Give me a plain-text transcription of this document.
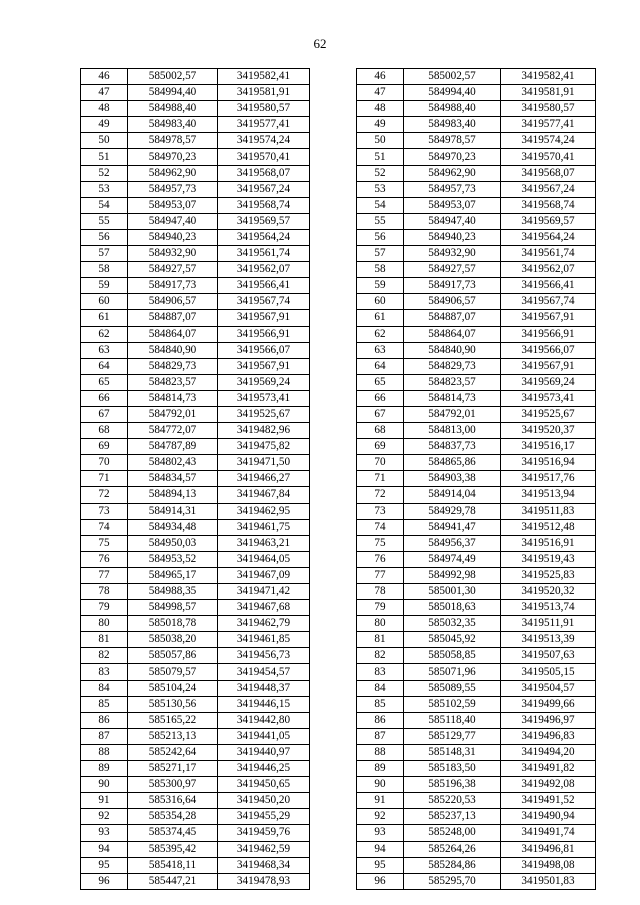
62
46	585002,57	3419582,41		46	585002,57	3419582,41
47	584994,40	3419581,91		47	584994,40	3419581,91
48	584988,40	3419580,57		48	584988,40	3419580,57
49	584983,40	3419577,41		49	584983,40	3419577,41
50	584978,57	3419574,24		50	584978,57	3419574,24
51	584970,23	3419570,41		51	584970,23	3419570,41
52	584962,90	3419568,07		52	584962,90	3419568,07
53	584957,73	3419567,24		53	584957,73	3419567,24
54	584953,07	3419568,74		54	584953,07	3419568,74
55	584947,40	3419569,57		55	584947,40	3419569,57
56	584940,23	3419564,24		56	584940,23	3419564,24
57	584932,90	3419561,74		57	584932,90	3419561,74
58	584927,57	3419562,07		58	584927,57	3419562,07
59	584917,73	3419566,41		59	584917,73	3419566,41
60	584906,57	3419567,74		60	584906,57	3419567,74
61	584887,07	3419567,91		61	584887,07	3419567,91
62	584864,07	3419566,91		62	584864,07	3419566,91
63	584840,90	3419566,07		63	584840,90	3419566,07
64	584829,73	3419567,91		64	584829,73	3419567,91
65	584823,57	3419569,24		65	584823,57	3419569,24
66	584814,73	3419573,41		66	584814,73	3419573,41
67	584792,01	3419525,67		67	584792,01	3419525,67
68	584772,07	3419482,96		68	584813,00	3419520,37
69	584787,89	3419475,82		69	584837,73	3419516,17
70	584802,43	3419471,50		70	584865,86	3419516,94
71	584834,57	3419466,27		71	584903,38	3419517,76
72	584894,13	3419467,84		72	584914,04	3419513,94
73	584914,31	3419462,95		73	584929,78	3419511,83
74	584934,48	3419461,75		74	584941,47	3419512,48
75	584950,03	3419463,21		75	584956,37	3419516,91
76	584953,52	3419464,05		76	584974,49	3419519,43
77	584965,17	3419467,09		77	584992,98	3419525,83
78	584988,35	3419471,42		78	585001,30	3419520,32
79	584998,57	3419467,68		79	585018,63	3419513,74
80	585018,78	3419462,79		80	585032,35	3419511,91
81	585038,20	3419461,85		81	585045,92	3419513,39
82	585057,86	3419456,73		82	585058,85	3419507,63
83	585079,57	3419454,57		83	585071,96	3419505,15
84	585104,24	3419448,37		84	585089,55	3419504,57
85	585130,56	3419446,15		85	585102,59	3419499,66
86	585165,22	3419442,80		86	585118,40	3419496,97
87	585213,13	3419441,05		87	585129,77	3419496,83
88	585242,64	3419440,97		88	585148,31	3419494,20
89	585271,17	3419446,25		89	585183,50	3419491,82
90	585300,97	3419450,65		90	585196,38	3419492,08
91	585316,64	3419450,20		91	585220,53	3419491,52
92	585354,28	3419455,29		92	585237,13	3419490,94
93	585374,45	3419459,76		93	585248,00	3419491,74
94	585395,42	3419462,59		94	585264,26	3419496,81
95	585418,11	3419468,34		95	585284,86	3419498,08
96	585447,21	3419478,93		96	585295,70	3419501,83
